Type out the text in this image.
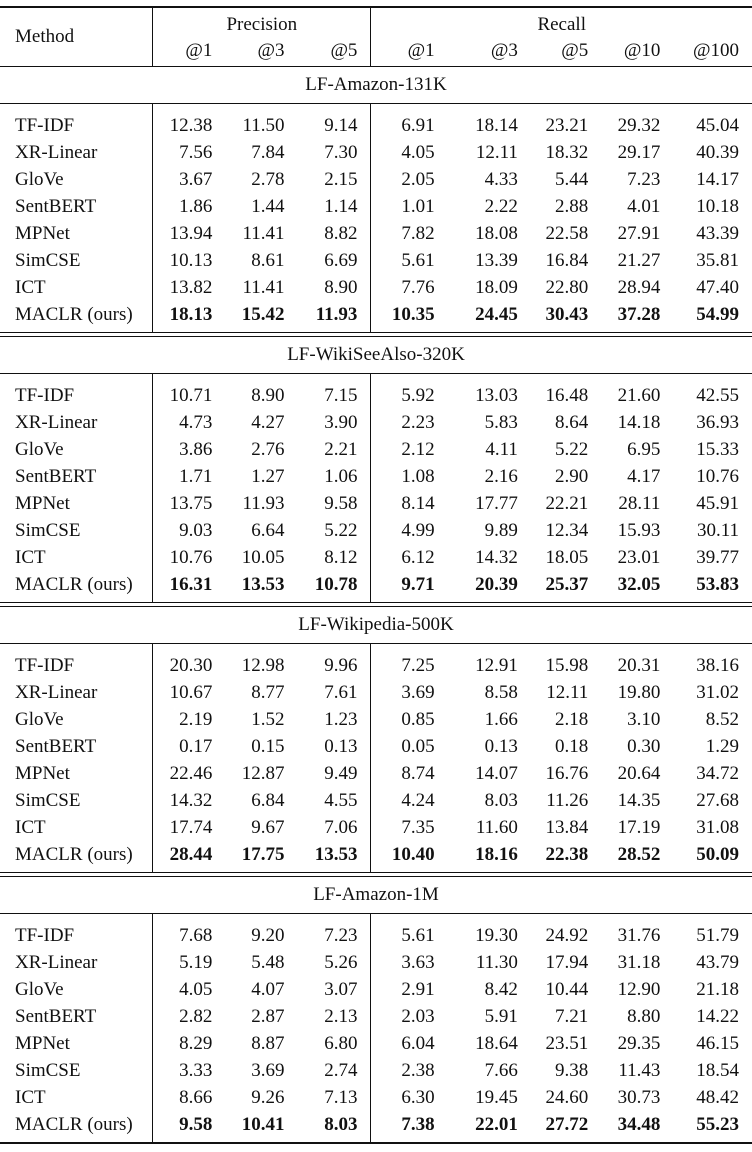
Method	Precision			Recall				
	@1	@3	@5	@1	@3	@5	@10	@100
LF-Amazon-131K								
TF-IDF	12.38	11.50	9.14	6.91	18.14	23.21	29.32	45.04
XR-Linear	7.56	7.84	7.30	4.05	12.11	18.32	29.17	40.39
GloVe	3.67	2.78	2.15	2.05	4.33	5.44	7.23	14.17
SentBERT	1.86	1.44	1.14	1.01	2.22	2.88	4.01	10.18
MPNet	13.94	11.41	8.82	7.82	18.08	22.58	27.91	43.39
SimCSE	10.13	8.61	6.69	5.61	13.39	16.84	21.27	35.81
ICT	13.82	11.41	8.90	7.76	18.09	22.80	28.94	47.40
MACLR (ours)	18.13	15.42	11.93	10.35	24.45	30.43	37.28	54.99

LF-WikiSeeAlso-320K								
TF-IDF	10.71	8.90	7.15	5.92	13.03	16.48	21.60	42.55
XR-Linear	4.73	4.27	3.90	2.23	5.83	8.64	14.18	36.93
GloVe	3.86	2.76	2.21	2.12	4.11	5.22	6.95	15.33
SentBERT	1.71	1.27	1.06	1.08	2.16	2.90	4.17	10.76
MPNet	13.75	11.93	9.58	8.14	17.77	22.21	28.11	45.91
SimCSE	9.03	6.64	5.22	4.99	9.89	12.34	15.93	30.11
ICT	10.76	10.05	8.12	6.12	14.32	18.05	23.01	39.77
MACLR (ours)	16.31	13.53	10.78	9.71	20.39	25.37	32.05	53.83

LF-Wikipedia-500K								
TF-IDF	20.30	12.98	9.96	7.25	12.91	15.98	20.31	38.16
XR-Linear	10.67	8.77	7.61	3.69	8.58	12.11	19.80	31.02
GloVe	2.19	1.52	1.23	0.85	1.66	2.18	3.10	8.52
SentBERT	0.17	0.15	0.13	0.05	0.13	0.18	0.30	1.29
MPNet	22.46	12.87	9.49	8.74	14.07	16.76	20.64	34.72
SimCSE	14.32	6.84	4.55	4.24	8.03	11.26	14.35	27.68
ICT	17.74	9.67	7.06	7.35	11.60	13.84	17.19	31.08
MACLR (ours)	28.44	17.75	13.53	10.40	18.16	22.38	28.52	50.09

LF-Amazon-1M								
TF-IDF	7.68	9.20	7.23	5.61	19.30	24.92	31.76	51.79
XR-Linear	5.19	5.48	5.26	3.63	11.30	17.94	31.18	43.79
GloVe	4.05	4.07	3.07	2.91	8.42	10.44	12.90	21.18
SentBERT	2.82	2.87	2.13	2.03	5.91	7.21	8.80	14.22
MPNet	8.29	8.87	6.80	6.04	18.64	23.51	29.35	46.15
SimCSE	3.33	3.69	2.74	2.38	7.66	9.38	11.43	18.54
ICT	8.66	9.26	7.13	6.30	19.45	24.60	30.73	48.42
MACLR (ours)	9.58	10.41	8.03	7.38	22.01	27.72	34.48	55.23
